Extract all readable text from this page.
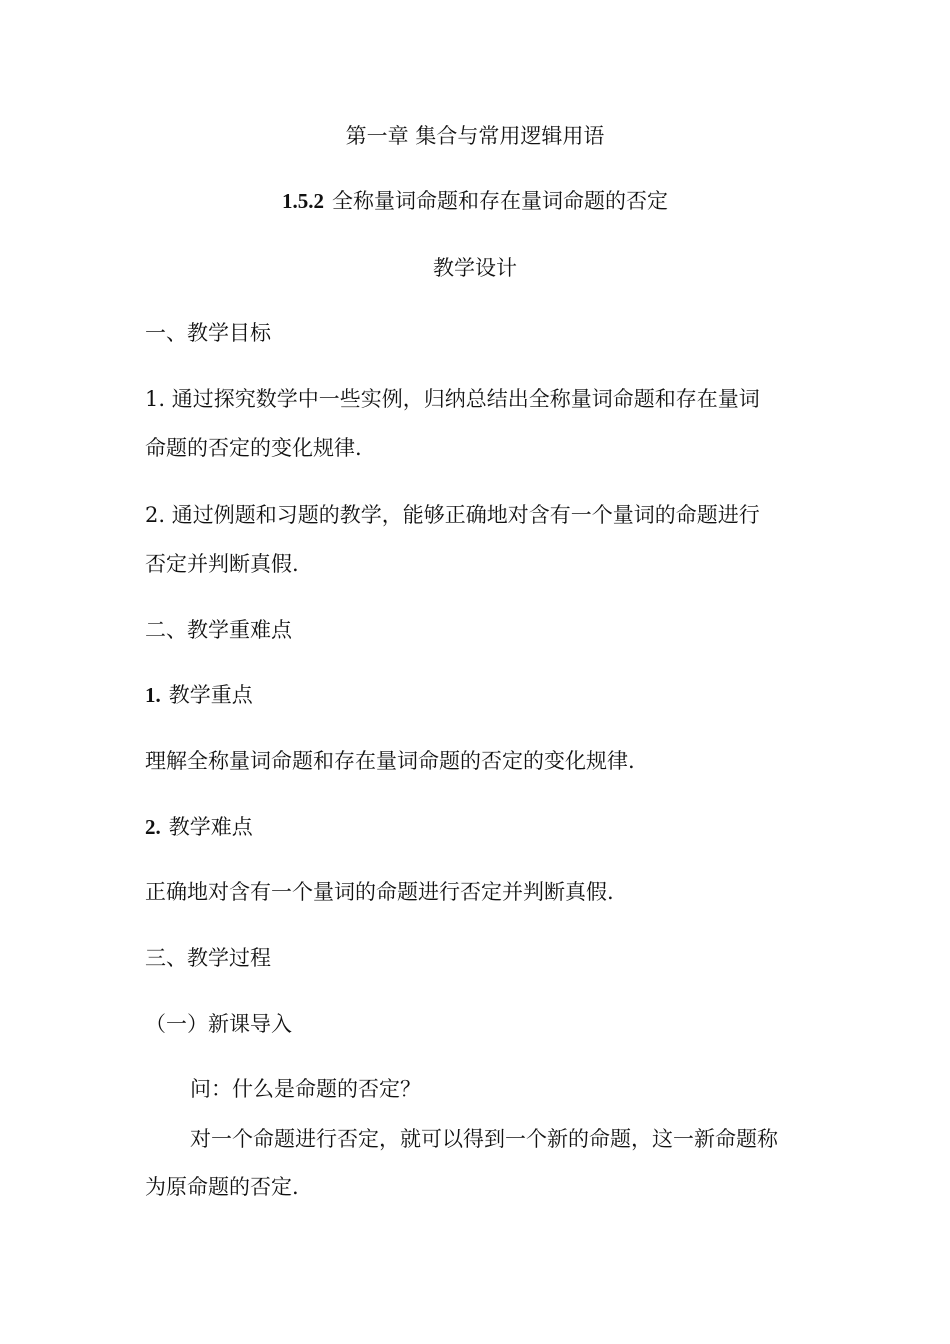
第一章 集合与常用逻辑用语
1.5.2 全称量词命题和存在量词命题的否定
教学设计
一、教学目标
1. 通过探究数学中一些实例，归纳总结出全称量词命题和存在量词
命题的否定的变化规律.
2. 通过例题和习题的教学，能够正确地对含有一个量词的命题进行
否定并判断真假.
二、教学重难点
1. 教学重点
理解全称量词命题和存在量词命题的否定的变化规律.
2. 教学难点
正确地对含有一个量词的命题进行否定并判断真假.
三、教学过程
（一）新课导入
问：什么是命题的否定？
对一个命题进行否定，就可以得到一个新的命题，这一新命题称
为原命题的否定.
